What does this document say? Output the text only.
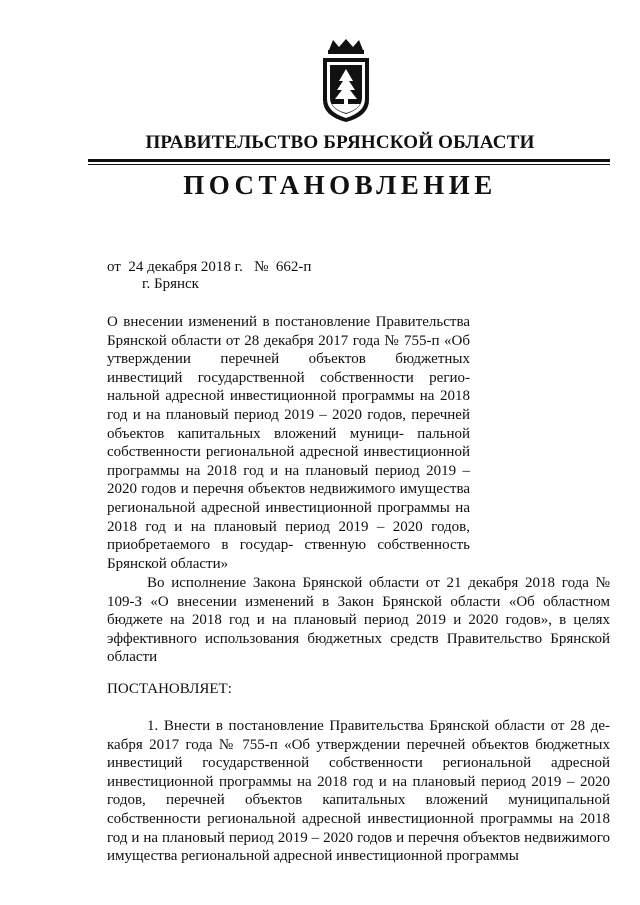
ПРАВИТЕЛЬСТВО БРЯНСКОЙ ОБЛАСТИ
ПОСТАНОВЛЕНИЕ
от  24 декабря 2018 г.   №  662-п
г. Брянск
О внесении изменений в постановление Правительства Брянской области от 28 декабря 2017 года № 755-п «Об утверждении перечней объектов бюджетных инвестиций государственной собственности регио- нальной адресной инвестиционной программы на 2018 год и на плановый период 2019 – 2020 годов, перечней объектов капитальных вложений муници- пальной собственности региональной адресной инвестиционной программы на 2018 год и на плановый период 2019 – 2020 годов и перечня объектов недвижимого имущества региональной адресной инвестиционной программы на 2018 год и на плановый период 2019 – 2020 годов, приобретаемого в государ- ственную собственность Брянской области»
Во исполнение Закона Брянской области от 21 декабря 2018 года № 109-З «О внесении изменений в Закон Брянской области «Об областном бюджете на 2018 год и на плановый период 2019 и 2020 годов», в целях эффективного использования бюджетных средств Правительство Брянской области
ПОСТАНОВЛЯЕТ:
1. Внести в постановление Правительства Брянской области от 28 де- кабря 2017 года № 755-п «Об утверждении перечней объектов бюджетных инвестиций государственной собственности региональной адресной инвестиционной программы на 2018 год и на плановый период 2019 – 2020 годов, перечней объектов капитальных вложений муниципальной собственности региональной адресной инвестиционной программы на 2018 год и на плановый период 2019 – 2020 годов и перечня объектов недвижимого имущества региональной адресной инвестиционной программы
